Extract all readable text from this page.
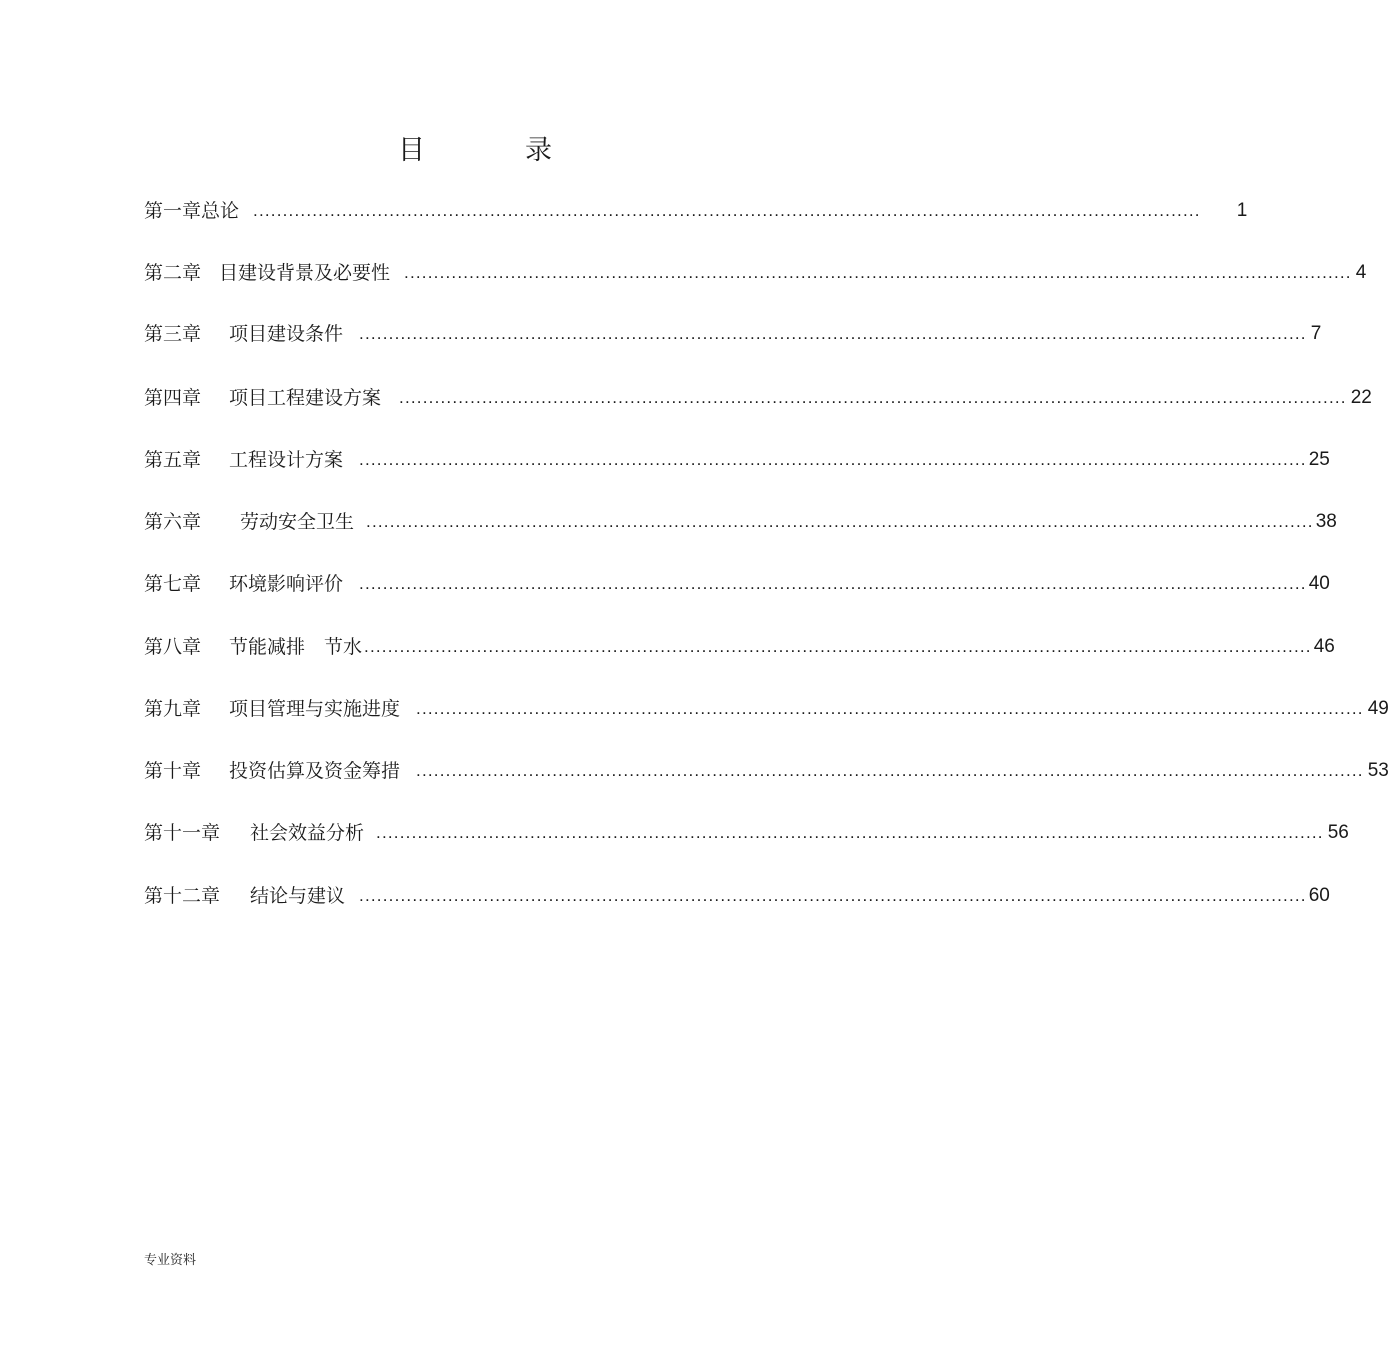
目	录
第一章总论 ................................................................................................................................................................ 1
第二章 目建设背景及必要性 ................................................................................................................................................................ 4
第三章 项目建设条件 ................................................................................................................................................................ 7
第四章 项目工程建设方案 ................................................................................................................................................................ 22
第五章 工程设计方案 ................................................................................................................................................................ 25
第六章 劳动安全卫生 ................................................................................................................................................................ 38
第七章 环境影响评价 ................................................................................................................................................................ 40
第八章 节能减排　节水 ................................................................................................................................................................ 46
第九章 项目管理与实施进度 ................................................................................................................................................................ 49
第十章 投资估算及资金筹措 ................................................................................................................................................................ 53
第十一章 社会效益分析 ................................................................................................................................................................ 56
第十二章 结论与建议 ................................................................................................................................................................ 60
专业资料
